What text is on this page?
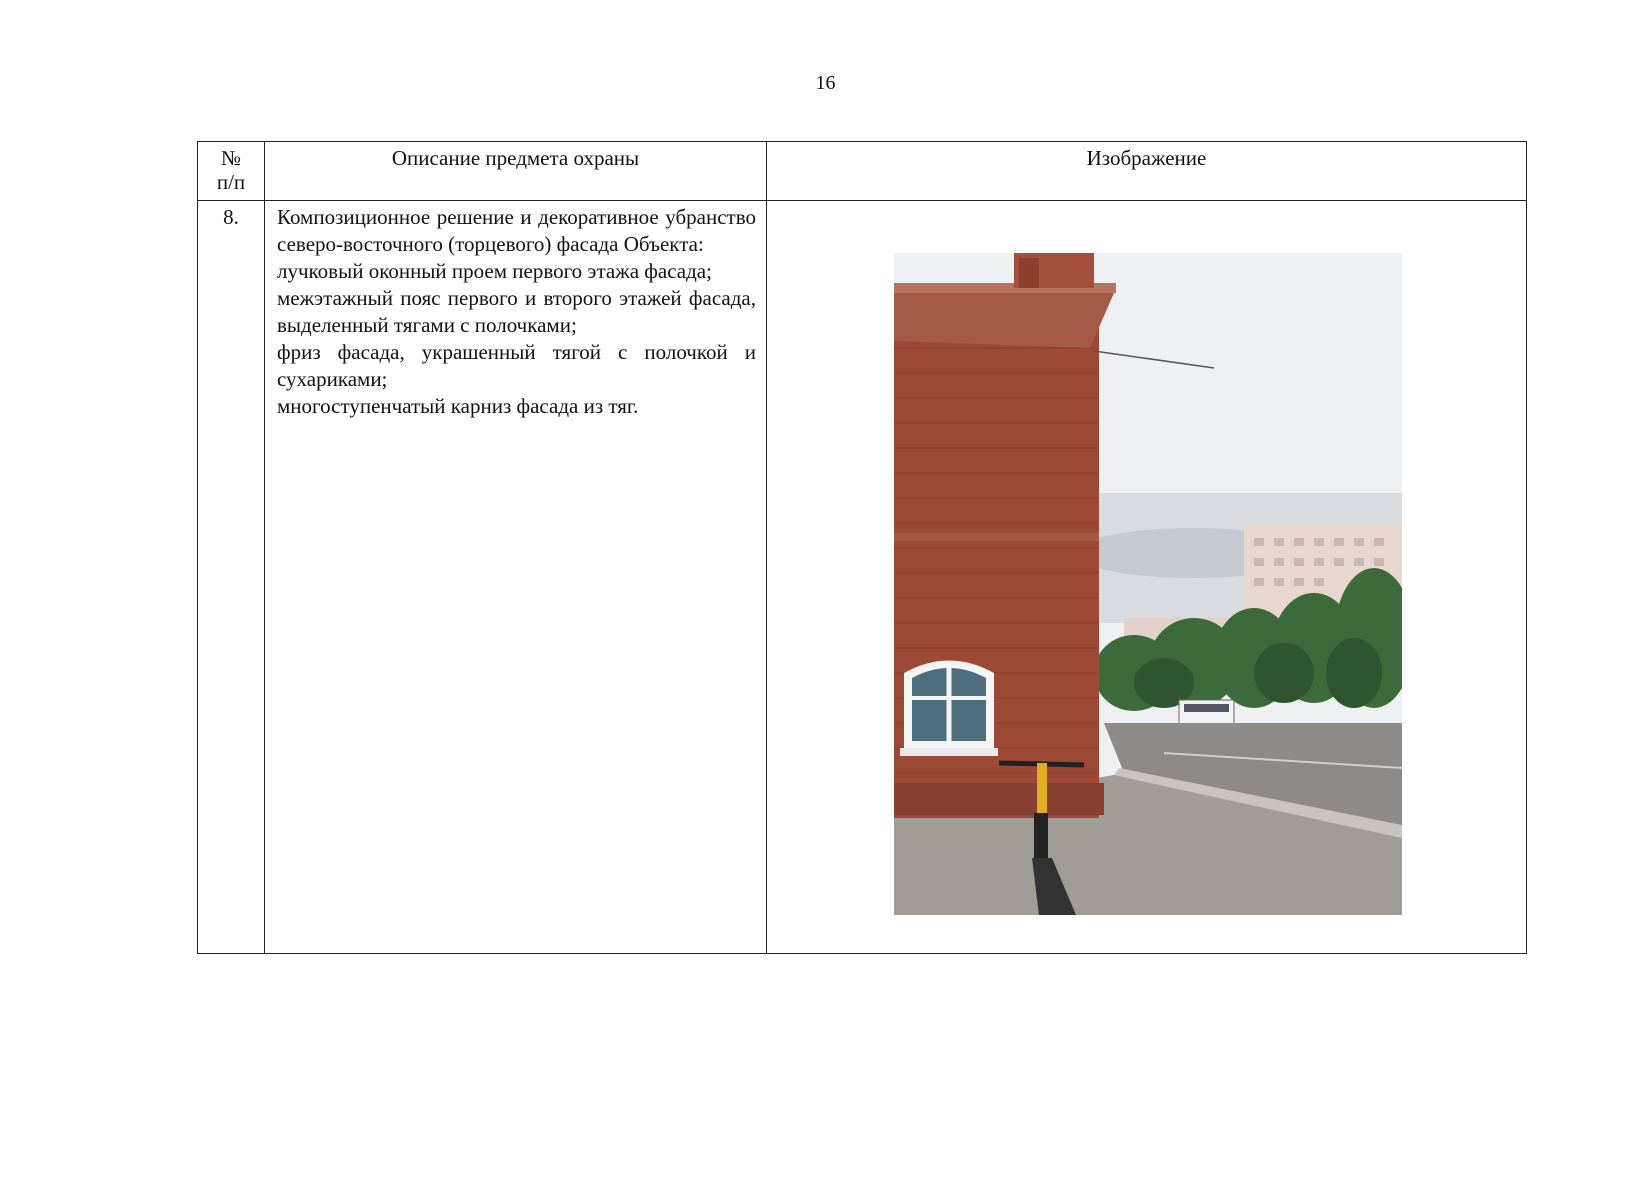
16
№
п/п	Описание предмета охраны	Изображение
8.	Композиционное решение и декоративное убранство северо-восточного (торцевого) фасада Объекта:

лучковый оконный проем первого этажа фасада;

межэтажный пояс первого и второго этажей фасада, выделенный тягами с полочками;

фриз фасада, украшенный тягой с полочкой и сухариками;

многоступенчатый карниз фасада из тяг.
